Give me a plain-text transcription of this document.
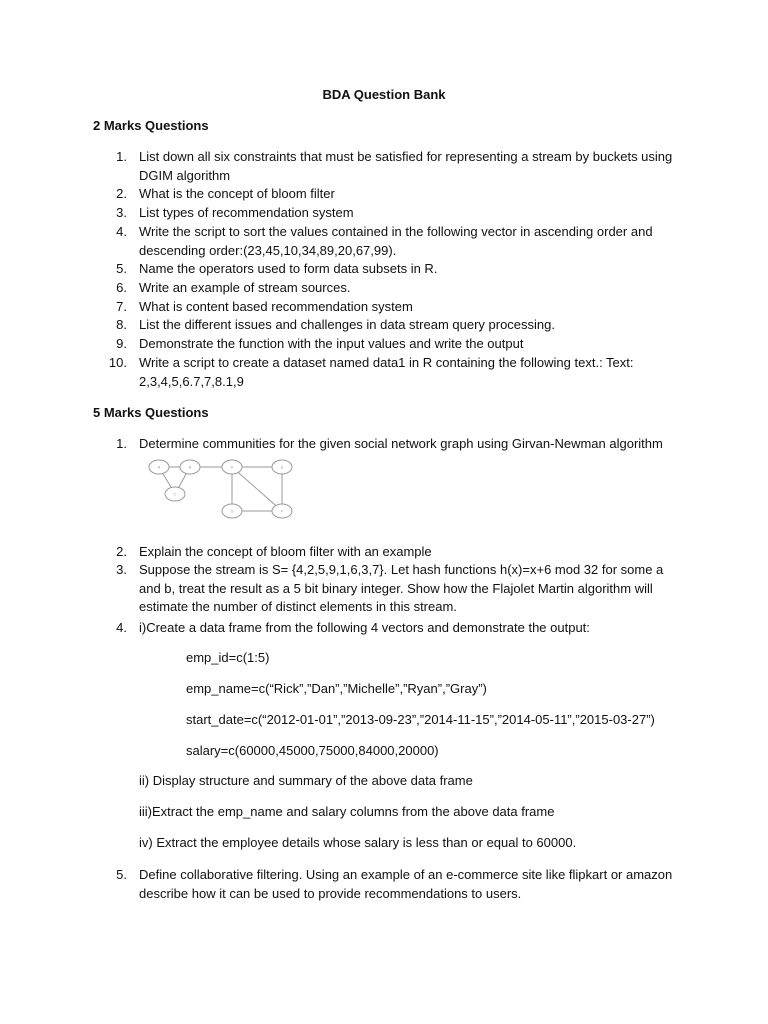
BDA Question Bank
2 Marks Questions
1. List down all six constraints that must be satisfied for representing a stream by buckets using DGIM algorithm
2. What is the concept of bloom filter
3. List types of recommendation system
4. Write the script to sort the values contained in the following vector in ascending order and descending order:(23,45,10,34,89,20,67,99).
5. Name the operators used to form data subsets in R.
6. Write an example of stream sources.
7. What is content based recommendation system
8. List the different issues and challenges in data stream query processing.
9. Demonstrate the function with the input values and write the output
10. Write a script to create a dataset named data1 in R containing the following text.: Text: 2,3,4,5,6.7,7,8.1,9
5 Marks Questions
1. Determine communities for the given social network graph using Girvan-Newman algorithm
A	B
C
D	E
G	F
2. Explain the concept of bloom filter with an example
3. Suppose the stream is S= {4,2,5,9,1,6,3,7}. Let hash functions h(x)=x+6 mod 32 for some a and b, treat the result as a 5 bit binary integer. Show how the Flajolet Martin algorithm will estimate the number of distinct elements in this stream.
4. i)Create a data frame from the following 4 vectors and demonstrate the output:
emp_id=c(1:5)
emp_name=c(“Rick”,”Dan”,”Michelle”,”Ryan”,”Gray”)
start_date=c(“2012-01-01”,”2013-09-23”,”2014-11-15”,”2014-05-11”,”2015-03-27”)
salary=c(60000,45000,75000,84000,20000)
ii) Display structure and summary of the above data frame
iii)Extract the emp_name and salary columns from the above data frame
iv) Extract the employee details whose salary is less than or equal to 60000.
5. Define collaborative filtering. Using an example of an e-commerce site like flipkart or amazon describe how it can be used to provide recommendations to users.
